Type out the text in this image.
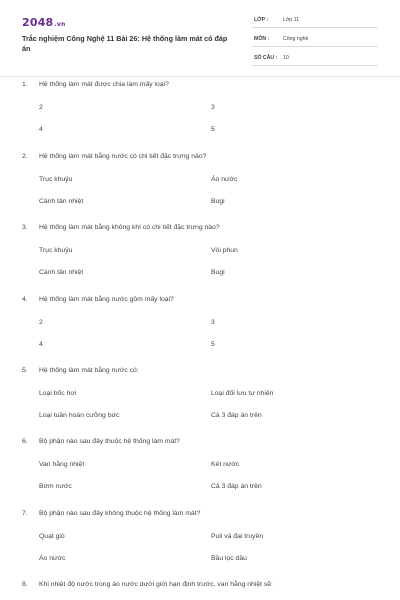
2048.vn
Trắc nghiệm Công Nghệ 11 Bài 26: Hệ thống làm mát có đáp án
LỚP :	Lớp 11
MÔN :	Công nghệ
SỐ CÂU : 10
1. Hệ thống làm mát được chia làm mấy loại?
2	3
4	5
2. Hệ thống làm mát bằng nước có chi tiết đặc trưng nào?
Trục khuỷu	Áo nước
Cánh tản nhiệt	Bugi
3. Hệ thống làm mát bằng không khí có chi tiết đặc trưng nào?
Trục khuỷu	Vòi phun
Cánh tản nhiệt	Bugi
4. Hệ thống làm mát bằng nước gồm mấy loại?
2	3
4	5
5. Hệ thống làm mát bằng nước có:
Loại bốc hơi	Loại đối lưu tự nhiên
Loại tuần hoàn cưỡng bức	Cả 3 đáp án trên
6. Bộ phận nào sau đây thuộc hệ thống làm mát?
Van hằng nhiệt	Két nước
Bơm nước	Cả 3 đáp án trên
7. Bộ phận nào sau đây không thuộc hệ thống làm mát?
Quạt gió	Puli và đai truyền
Áo nước	Bầu lọc dầu
8. Khi nhiệt độ nước trong áo nước dưới giới hạn định trước, van hằng nhiệt sẽ:
